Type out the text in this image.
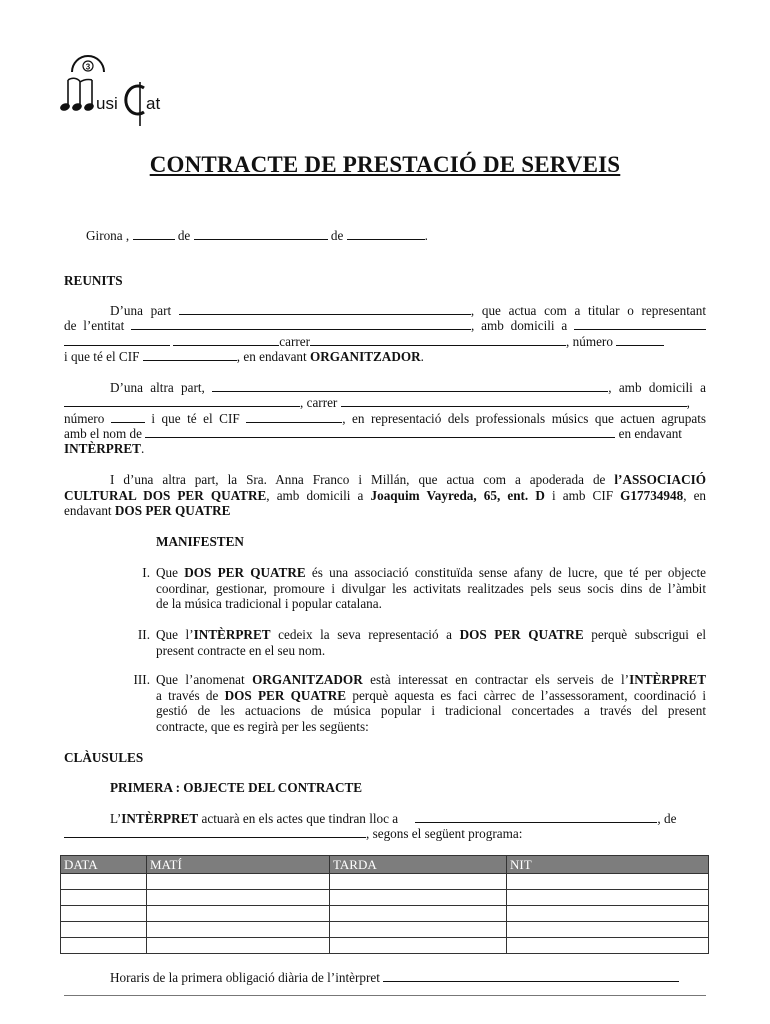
3
usi at
CONTRACTE DE PRESTACIÓ DE SERVEIS
Girona ,	de	de	.
REUNITS
D’una part	, que actua com a titular o representant
de l’entitat	, amb domicili a
carrer	, número
i que té el CIF	, en endavant ORGANITZADOR.
D’una altra part,	, amb domicili a
, carrer	,
número	i que té el CIF	, en representació dels professionals músics que actuen agrupats
amb el nom de	en endavant
INTÈRPRET.
I d’una altra part, la Sra. Anna Franco i Millán, que actua com a apoderada de l’ASSOCIACIÓ
CULTURAL DOS PER QUATRE, amb domicili a Joaquim Vayreda, 65, ent. D i amb CIF G17734948, en
endavant DOS PER QUATRE
MANIFESTEN
I. Que DOS PER QUATRE és una associació constituïda sense afany de lucre, que té per objecte
coordinar, gestionar, promoure i divulgar les activitats realitzades pels seus socis dins de l’àmbit
de la música tradicional i popular catalana.
II. Que l’INTÈRPRET cedeix la seva representació a DOS PER QUATRE perquè subscrigui el
present contracte en el seu nom.
III. Que l’anomenat ORGANITZADOR està interessat en contractar els serveis de l’INTÈRPRET
a través de DOS PER QUATRE perquè aquesta es faci càrrec de l’assessorament, coordinació i
gestió de les actuacions de música popular i tradicional concertades a través del present
contracte, que es regirà per les següents:
CLÀUSULES
PRIMERA : OBJECTE DEL CONTRACTE
L’INTÈRPRET actuarà en els actes que tindran lloc a	, de
, segons el següent programa:
DATA	MATÍ	TARDA	NIT

Horaris de la primera obligació diària de l’intèrpret
